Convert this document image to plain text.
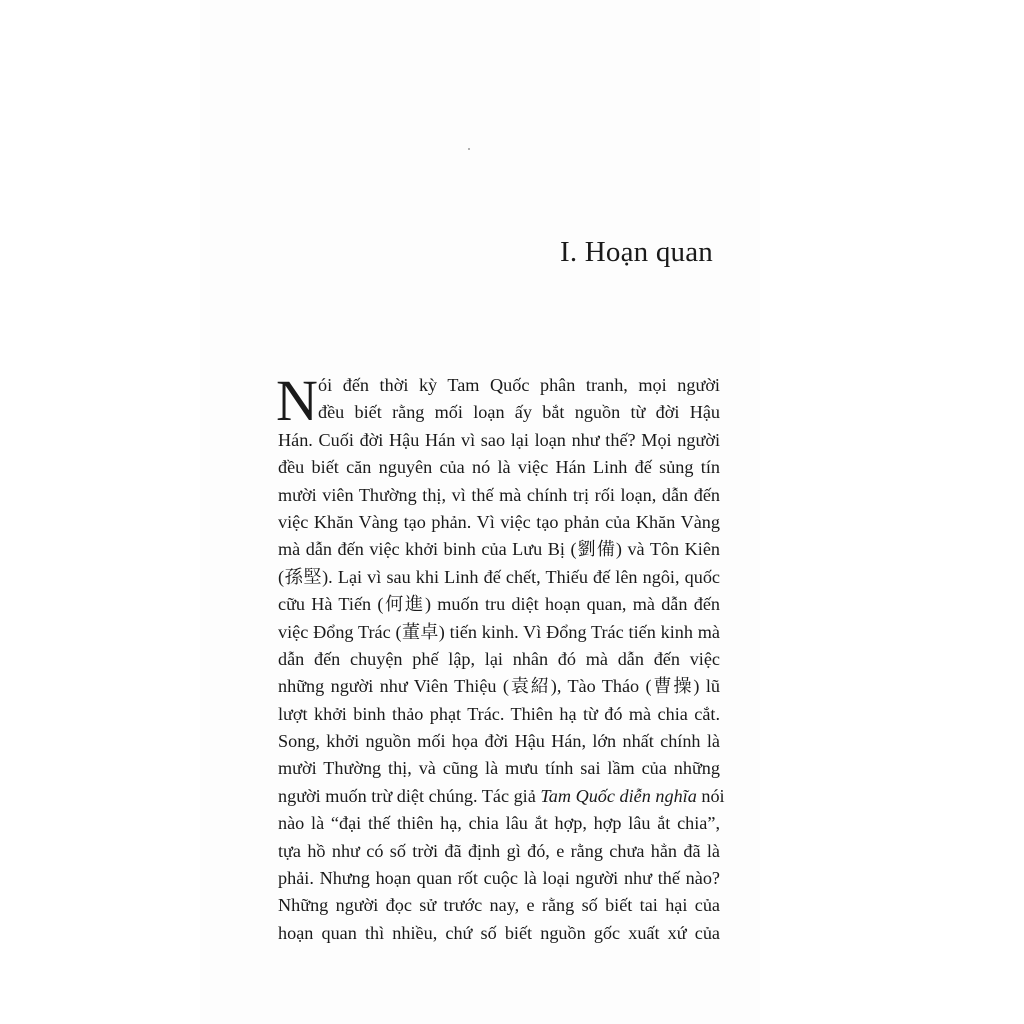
I. Hoạn quan
N ói đến thời kỳ Tam Quốc phân tranh, mọi người
đều biết rằng mối loạn ấy bắt nguồn từ đời Hậu
Hán. Cuối đời Hậu Hán vì sao lại loạn như thế? Mọi người
đều biết căn nguyên của nó là việc Hán Linh đế sủng tín
mười viên Thường thị, vì thế mà chính trị rối loạn, dẫn đến
việc Khăn Vàng tạo phản. Vì việc tạo phản của Khăn Vàng
mà dẫn đến việc khởi binh của Lưu Bị (劉備) và Tôn Kiên
(孫堅). Lại vì sau khi Linh đế chết, Thiếu đế lên ngôi, quốc
cữu Hà Tiến (何進) muốn tru diệt hoạn quan, mà dẫn đến
việc Đổng Trác (董卓) tiến kinh. Vì Đổng Trác tiến kinh mà
dẫn đến chuyện phế lập, lại nhân đó mà dẫn đến việc
những người như Viên Thiệu (袁紹), Tào Tháo (曹操) lũ
lượt khởi binh thảo phạt Trác. Thiên hạ từ đó mà chia cắt.
Song, khởi nguồn mối họa đời Hậu Hán, lớn nhất chính là
mười Thường thị, và cũng là mưu tính sai lầm của những
người muốn trừ diệt chúng. Tác giả Tam Quốc diễn nghĩa nói
nào là “đại thế thiên hạ, chia lâu ắt hợp, hợp lâu ắt chia”,
tựa hồ như có số trời đã định gì đó, e rằng chưa hẳn đã là
phải. Nhưng hoạn quan rốt cuộc là loại người như thế nào?
Những người đọc sử trước nay, e rằng số biết tai hại của
hoạn quan thì nhiều, chứ số biết nguồn gốc xuất xứ của
